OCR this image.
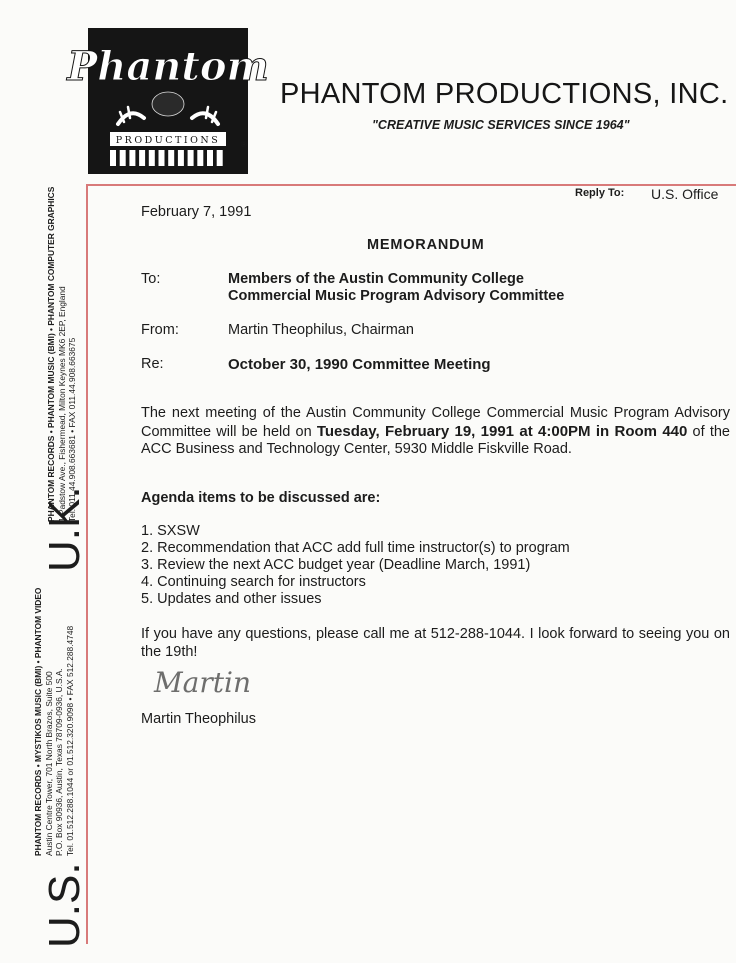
Phantom
PRODUCTIONS	®
PHANTOM PRODUCTIONS, INC.
"CREATIVE MUSIC SERVICES SINCE 1964"
Reply To: U.S. Office
U.K.
PHANTOM RECORDS • PHANTOM MUSIC (BMI) • PHANTOM COMPUTER GRAPHICS 1 Padstow Ave., Fishermead, Milton Keynes MK6 2EP, England Tel. 011.44.908.663681 • FAX 011.44.908.663675
U.S.
PHANTOM RECORDS • MYSTIKOS MUSIC (BMI) • PHANTOM VIDEO Austin Centre Tower, 701 North Brazos, Suite 500 P.O. Box 90936, Austin, Texas 78709-0936, U.S.A. Tel. 01.512.288.1044 or 01.512.320.9098 • FAX 512.288.4748
February 7, 1991
MEMORANDUM
To:	Members of the Austin Community College
Commercial Music Program Advisory Committee
From:	Martin Theophilus, Chairman
Re:	October 30, 1990 Committee Meeting
The next meeting of the Austin Community College Commercial Music Program Advisory Committee will be held on Tuesday, February 19, 1991 at 4:00PM in Room 440 of the ACC Business and Technology Center, 5930 Middle Fiskville Road.
Agenda items to be discussed are:
1. SXSW
2. Recommendation that ACC add full time instructor(s) to program
3. Review the next ACC budget year (Deadline March, 1991)
4. Continuing search for instructors
5. Updates and other issues
If you have any questions, please call me at 512-288-1044. I look forward to seeing you on the 19th!
Martin
Martin Theophilus
